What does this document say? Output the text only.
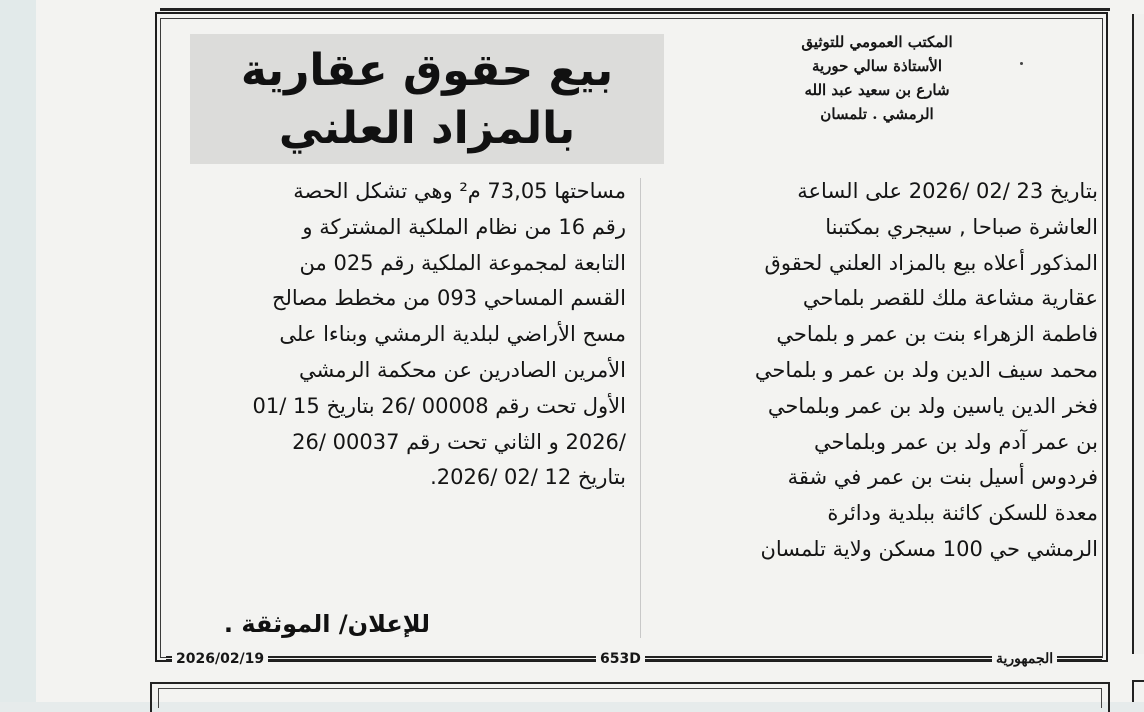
بيع حقوق عقارية
بالمزاد العلني
المكتب العمومي للتوثيق
الأستاذة سالي حورية
شارع بن سعيد عبد الله
الرمشي . تلمسان
بتاريخ 23 /02 /2026 على الساعة
العاشرة صباحا , سيجري بمكتبنا
المذكور أعلاه بيع بالمزاد العلني لحقوق
عقارية مشاعة ملك للقصر بلماحي
فاطمة الزهراء بنت بن عمر و بلماحي
محمد سيف الدين ولد بن عمر و بلماحي
فخر الدين ياسين ولد بن عمر وبلماحي
بن عمر آدم ولد بن عمر وبلماحي
فردوس أسيل بنت بن عمر في شقة
معدة للسكن كائنة ببلدية ودائرة
الرمشي حي 100 مسكن ولاية تلمسان
مساحتها 73,05 م² وهي تشكل الحصة
رقم 16 من نظام الملكية المشتركة و
التابعة لمجموعة الملكية رقم 025 من
القسم المساحي 093 من مخطط مصالح
مسح الأراضي لبلدية الرمشي وبناءا على
الأمرين الصادرين عن محكمة الرمشي
الأول تحت رقم 00008 /26 بتاريخ 15 /01
/2026 و الثاني تحت رقم 00037 /26
بتاريخ 12 /02 /2026.
للإعلان/ الموثقة .
2026/02/19	653D	الجمهورية
